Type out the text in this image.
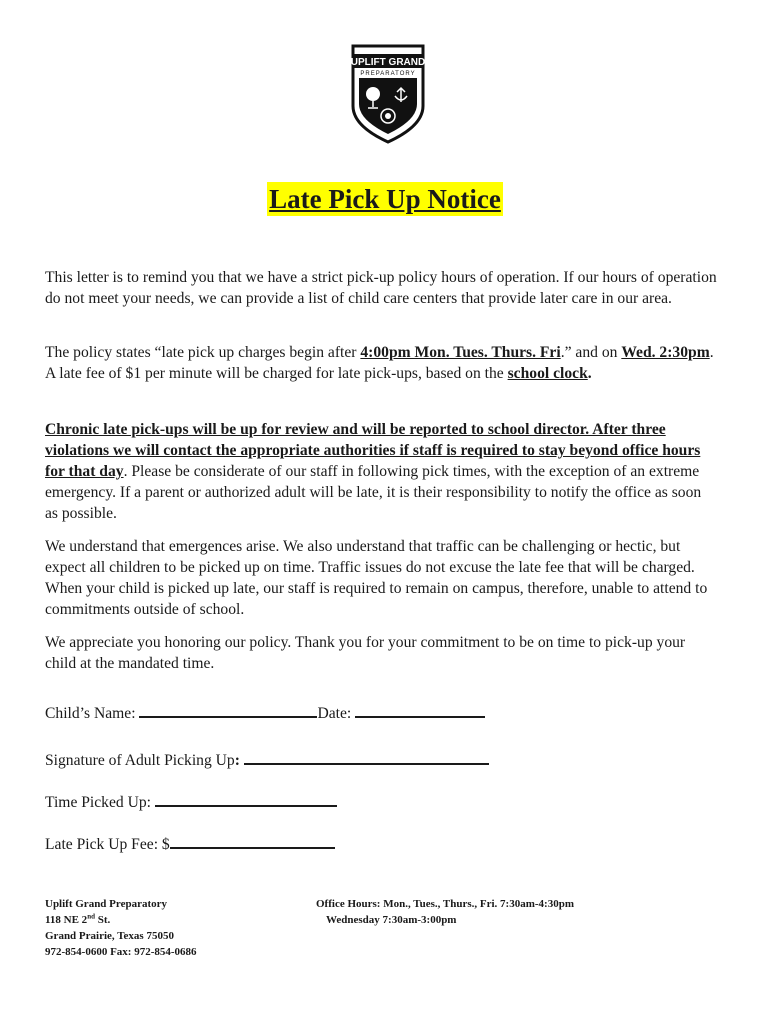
UPLIFT GRAND
PREPARATORY
Late Pick Up Notice
This letter is to remind you that we have a strict pick-up policy hours of operation. If our hours of operation do not meet your needs, we can provide a list of child care centers that provide later care in our area.
The policy states “late pick up charges begin after 4:00pm Mon. Tues. Thurs. Fri.” and on Wed. 2:30pm. A late fee of $1 per minute will be charged for late pick-ups, based on the school clock.
Chronic late pick-ups will be up for review and will be reported to school director. After three violations we will contact the appropriate authorities if staff is required to stay beyond office hours for that day. Please be considerate of our staff in following pick times, with the exception of an extreme emergency. If a parent or authorized adult will be late, it is their responsibility to notify the office as soon as possible.
We understand that emergences arise. We also understand that traffic can be challenging or hectic, but expect all children to be picked up on time. Traffic issues do not excuse the late fee that will be charged. When your child is picked up late, our staff is required to remain on campus, therefore, unable to attend to commitments outside of school.
We appreciate you honoring our policy. Thank you for your commitment to be on time to pick-up your child at the mandated time.
Child’s Name:	Date:
Signature of Adult Picking Up:
Time Picked Up:
Late Pick Up Fee: $
Uplift Grand Preparatory
118 NE 2nd St.
Grand Prairie, Texas 75050
972-854-0600 Fax: 972-854-0686
Office Hours: Mon., Tues., Thurs., Fri. 7:30am-4:30pm
Wednesday 7:30am-3:00pm
